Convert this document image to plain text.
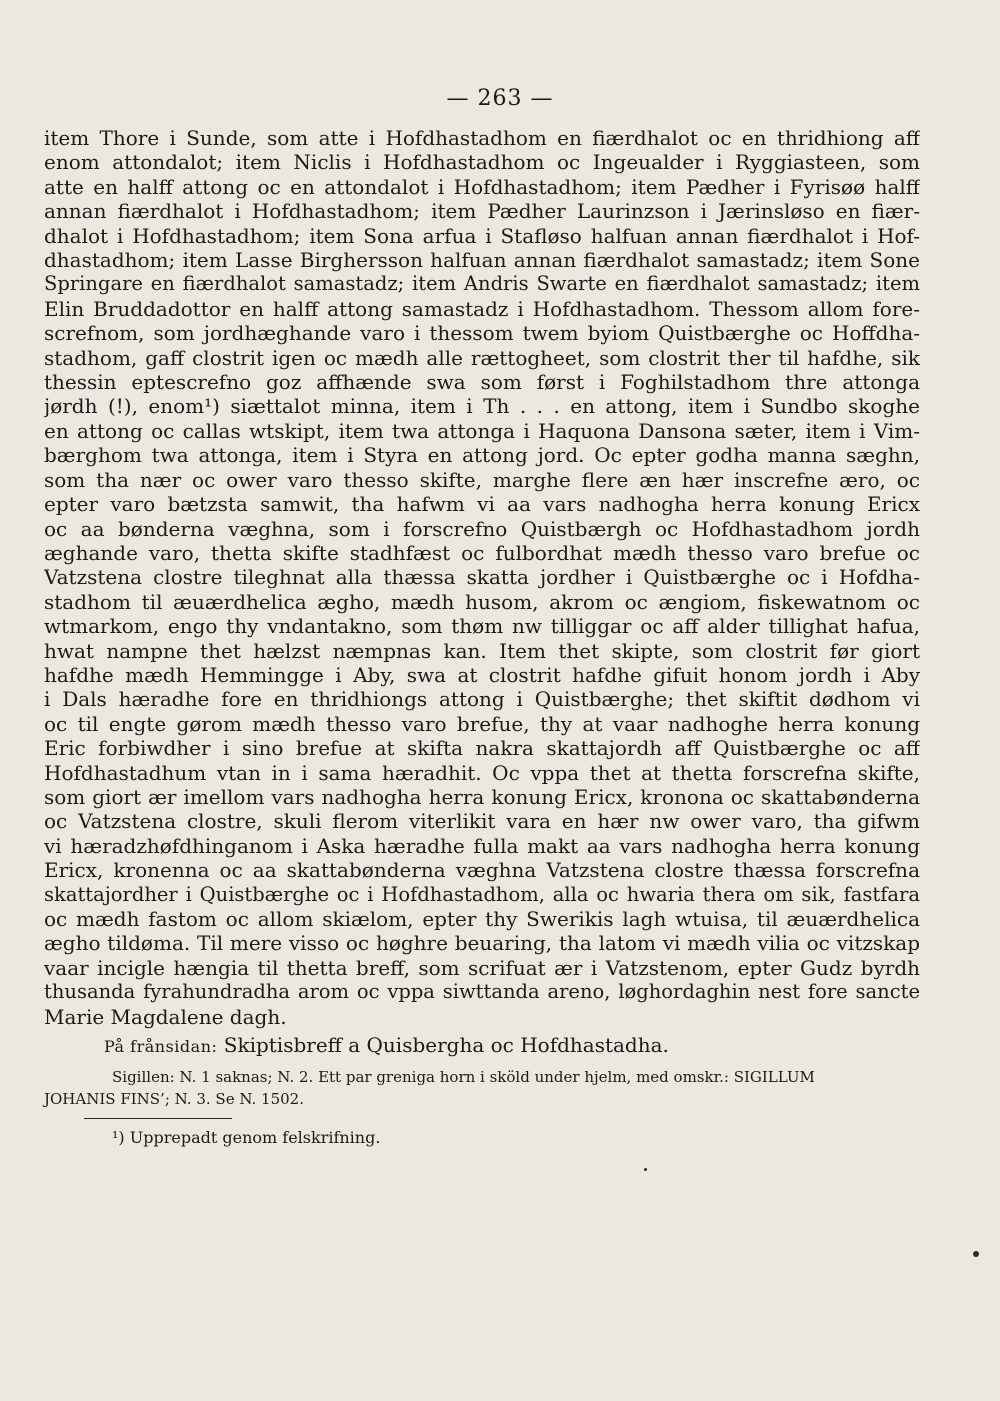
— 263 —
item Thore i Sunde, som atte i Hofdhastadhom en fiærdhalot oc en thridhiong aff
enom attondalot; item Niclis i Hofdhastadhom oc Ingeualder i Ryggiasteen, som
atte en halff attong oc en attondalot i Hofdhastadhom; item Pædher i Fyrisøø halff
annan fiærdhalot i Hofdhastadhom; item Pædher Laurinzson i Jærinsløso en fiær-
dhalot i Hofdhastadhom; item Sona arfua i Stafløso halfuan annan fiærdhalot i Hof-
dhastadhom; item Lasse Birghersson halfuan annan fiærdhalot samastadz; item Sone
Springare en fiærdhalot samastadz; item Andris Swarte en fiærdhalot samastadz; item
Elin Bruddadottor en halff attong samastadz i Hofdhastadhom. Thessom allom fore-
screfnom, som jordhæghande varo i thessom twem byiom Quistbærghe oc Hoffdha-
stadhom, gaff clostrit igen oc mædh alle rættogheet, som clostrit ther til hafdhe, sik
thessin eptescrefno goz affhænde swa som først i Foghilstadhom thre attonga
jørdh (!), enom¹) siættalot minna, item i Th . . . en attong, item i Sundbo skoghe
en attong oc callas wtskipt, item twa attonga i Haquona Dansona sæter, item i Vim-
bærghom twa attonga, item i Styra en attong jord. Oc epter godha manna sæghn,
som tha nær oc ower varo thesso skifte, marghe flere æn hær inscrefne æro, oc
epter varo bætzsta samwit, tha hafwm vi aa vars nadhogha herra konung Ericx
oc aa bønderna væghna, som i forscrefno Quistbærgh oc Hofdhastadhom jordh
æghande varo, thetta skifte stadhfæst oc fulbordhat mædh thesso varo brefue oc
Vatzstena clostre tileghnat alla thæssa skatta jordher i Quistbærghe oc i Hofdha-
stadhom til æuærdhelica ægho, mædh husom, akrom oc ængiom, fiskewatnom oc
wtmarkom, engo thy vndantakno, som thøm nw tilliggar oc aff alder tillighat hafua,
hwat nampne thet hælzst næmpnas kan. Item thet skipte, som clostrit før giort
hafdhe mædh Hemmingge i Aby, swa at clostrit hafdhe gifuit honom jordh i Aby
i Dals hæradhe fore en thridhiongs attong i Quistbærghe; thet skiftit dødhom vi
oc til engte gørom mædh thesso varo brefue, thy at vaar nadhoghe herra konung
Eric forbiwdher i sino brefue at skifta nakra skattajordh aff Quistbærghe oc aff
Hofdhastadhum vtan in i sama hæradhit. Oc vppa thet at thetta forscrefna skifte,
som giort ær imellom vars nadhogha herra konung Ericx, kronona oc skattabønderna
oc Vatzstena clostre, skuli flerom viterlikit vara en hær nw ower varo, tha gifwm
vi hæradzhøfdhinganom i Aska hæradhe fulla makt aa vars nadhogha herra konung
Ericx, kronenna oc aa skattabønderna væghna Vatzstena clostre thæssa forscrefna
skattajordher i Quistbærghe oc i Hofdhastadhom, alla oc hwaria thera om sik, fastfara
oc mædh fastom oc allom skiælom, epter thy Swerikis lagh wtuisa, til æuærdhelica
ægho tildøma. Til mere visso oc høghre beuaring, tha latom vi mædh vilia oc vitzskap
vaar incigle hængia til thetta breff, som scrifuat ær i Vatzstenom, epter Gudz byrdh
thusanda fyrahundradha arom oc vppa siwttanda areno, løghordaghin nest fore sancte
Marie Magdalene dagh.
På frånsidan: Skiptisbreff a Quisbergha oc Hofdhastadha.
Sigillen: N. 1 saknas; N. 2. Ett par greniga horn i sköld under hjelm, med omskr.: SIGILLUM
JOHANIS FINS’; N. 3. Se N. 1502.
¹) Upprepadt genom felskrifning.
